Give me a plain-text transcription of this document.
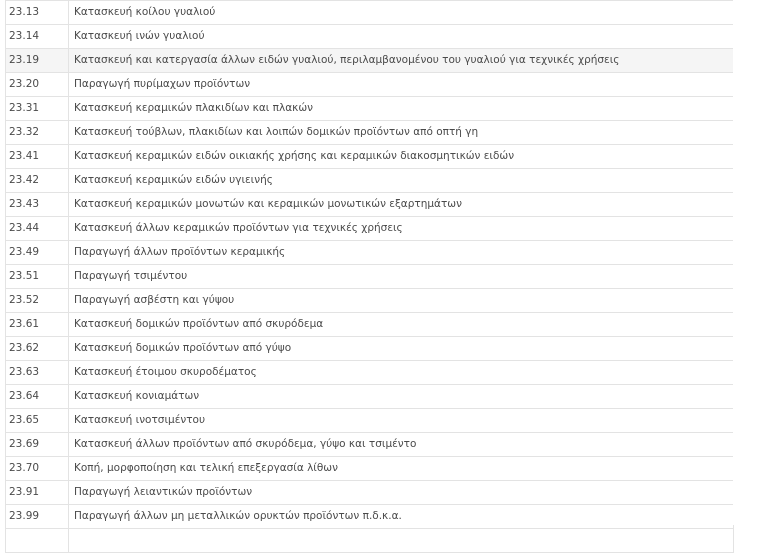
23.13	Κατασκευή κοίλου γυαλιού
23.14	Κατασκευή ινών γυαλιού
23.19	Κατασκευή και κατεργασία άλλων ειδών γυαλιού, περιλαμβανομένου του γυαλιού για τεχνικές χρήσεις
23.20	Παραγωγή πυρίμαχων προϊόντων
23.31	Κατασκευή κεραμικών πλακιδίων και πλακών
23.32	Κατασκευή τούβλων, πλακιδίων και λοιπών δομικών προϊόντων από οπτή γη
23.41	Κατασκευή κεραμικών ειδών οικιακής χρήσης και κεραμικών διακοσμητικών ειδών
23.42	Κατασκευή κεραμικών ειδών υγιεινής
23.43	Κατασκευή κεραμικών μονωτών και κεραμικών μονωτικών εξαρτημάτων
23.44	Κατασκευή άλλων κεραμικών προϊόντων για τεχνικές χρήσεις
23.49	Παραγωγή άλλων προϊόντων κεραμικής
23.51	Παραγωγή τσιμέντου
23.52	Παραγωγή ασβέστη και γύψου
23.61	Κατασκευή δομικών προϊόντων από σκυρόδεμα
23.62	Κατασκευή δομικών προϊόντων από γύψο
23.63	Κατασκευή έτοιμου σκυροδέματος
23.64	Κατασκευή κονιαμάτων
23.65	Κατασκευή ινοτσιμέντου
23.69	Κατασκευή άλλων προϊόντων από σκυρόδεμα, γύψο και τσιμέντο
23.70	Κοπή, μορφοποίηση και τελική επεξεργασία λίθων
23.91	Παραγωγή λειαντικών προϊόντων
23.99	Παραγωγή άλλων μη μεταλλικών ορυκτών προϊόντων π.δ.κ.α.
